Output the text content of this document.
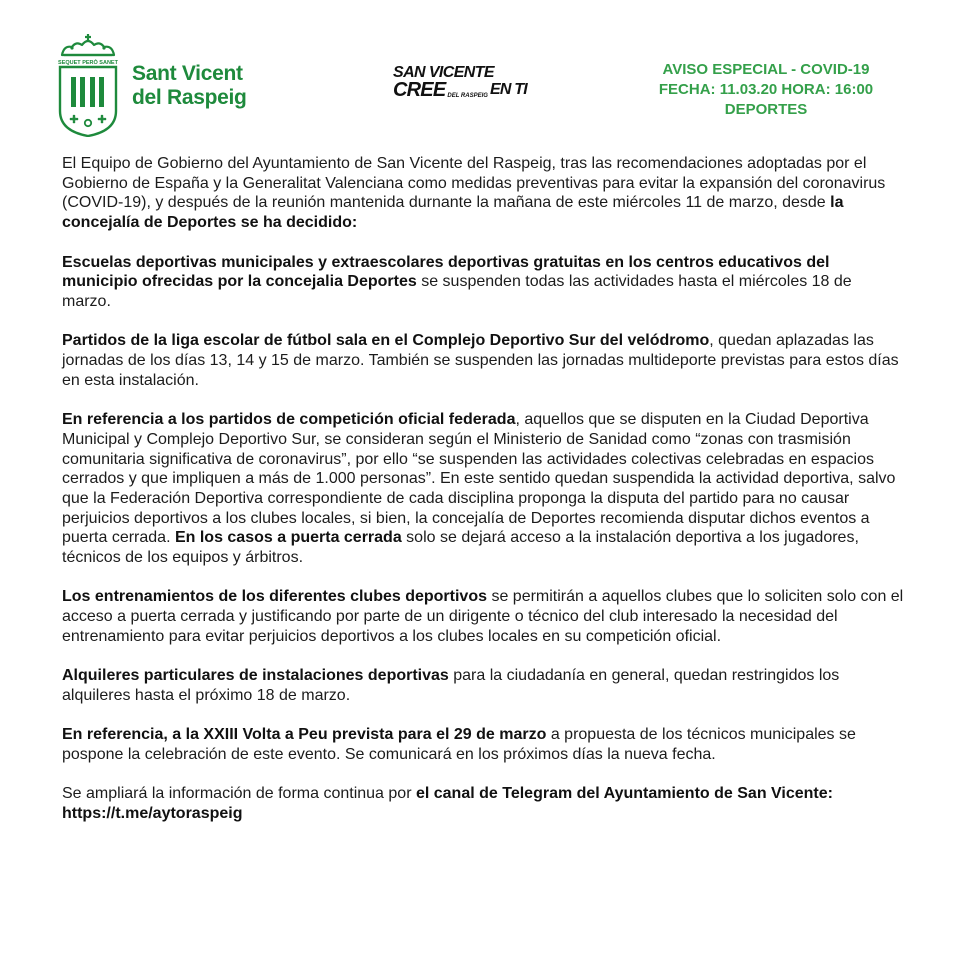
SEQUET PERÒ SANET Sant Vicent
del Raspeig
SAN VICENTE
CREE DEL RASPEIG EN TI
AVISO ESPECIAL - COVID-19
FECHA: 11.03.20 HORA: 16:00
DEPORTES

El Equipo de Gobierno del Ayuntamiento de San Vicente del Raspeig, tras las recomendaciones adoptadas por el Gobierno de España y la Generalitat Valenciana como medidas preventivas para evitar la expansión del coronavirus (COVID-19), y después de la reunión mantenida durnante la mañana de este miércoles 11 de marzo, desde la concejalía de Deportes se ha decidido:

Escuelas deportivas municipales y extraescolares deportivas gratuitas en los centros educativos del municipio ofrecidas por la concejalia Deportes se suspenden todas las actividades hasta el miércoles 18 de marzo.

Partidos de la liga escolar de fútbol sala en el Complejo Deportivo Sur del velódromo, quedan aplazadas las jornadas de los días 13, 14 y 15 de marzo. También se suspenden las jornadas multideporte previstas para estos días en esta instalación.

En referencia a los partidos de competición oficial federada, aquellos que se disputen en la Ciudad Deportiva Municipal y Complejo Deportivo Sur, se consideran según el Ministerio de Sanidad como “zonas con trasmisión comunitaria significativa de coronavirus”, por ello “se suspenden las actividades colectivas celebradas en espacios cerrados y que impliquen a más de 1.000 personas”. En este sentido quedan suspendida la actividad deportiva, salvo que la Federación Deportiva correspondiente de cada disciplina proponga la disputa del partido para no causar perjuicios deportivos a los clubes locales, si bien, la concejalía de Deportes recomienda disputar dichos eventos a puerta cerrada. En los casos a puerta cerrada solo se dejará acceso a la instalación deportiva a los jugadores, técnicos de los equipos y árbitros.

Los entrenamientos de los diferentes clubes deportivos se permitirán a aquellos clubes que lo soliciten solo con el acceso a puerta cerrada y justificando por parte de un dirigente o técnico del club interesado la necesidad del entrenamiento para evitar perjuicios deportivos a los clubes locales en su competición oficial.

Alquileres particulares de instalaciones deportivas para la ciudadanía en general, quedan restringidos los alquileres hasta el próximo 18 de marzo.

En referencia, a la XXIII Volta a Peu prevista para el 29 de marzo a propuesta de los técnicos municipales se pospone la celebración de este evento. Se comunicará en los próximos días la nueva fecha.

Se ampliará la información de forma continua por el canal de Telegram del Ayuntamiento de San Vicente: https://t.me/aytoraspeig
